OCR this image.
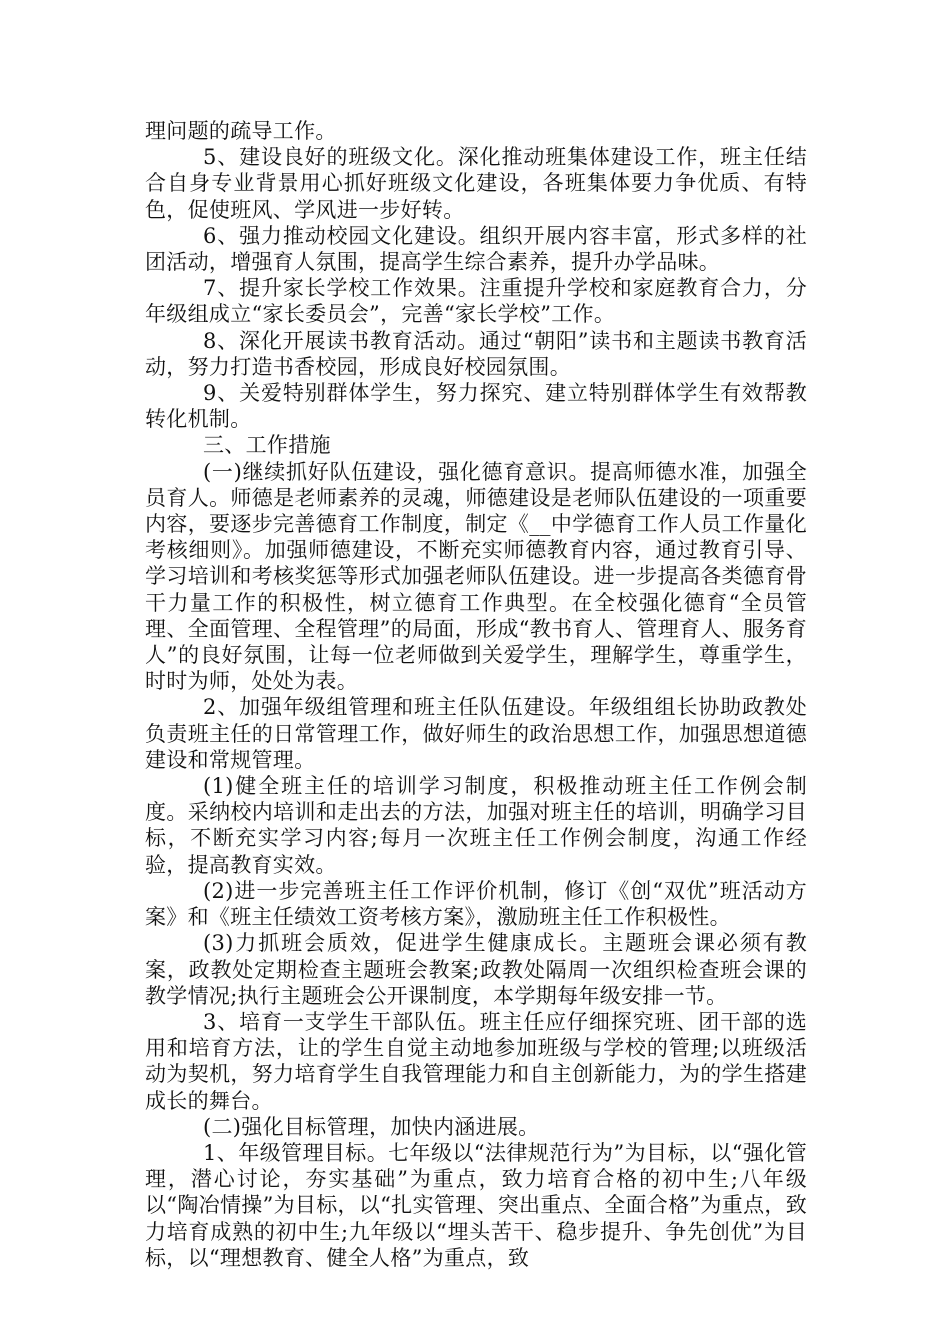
理问题的疏导工作。

5、建设良好的班级文化。深化推动班集体建设工作，班主任结合自身专业背景用心抓好班级文化建设，各班集体要力争优质、有特色，促使班风、学风进一步好转。

6、强力推动校园文化建设。组织开展内容丰富，形式多样的社团活动，增强育人氛围，提高学生综合素养，提升办学品味。

7、提升家长学校工作效果。注重提升学校和家庭教育合力，分年级组成立“家长委员会”，完善“家长学校”工作。

8、深化开展读书教育活动。通过“朝阳”读书和主题读书教育活动，努力打造书香校园，形成良好校园氛围。

9、关爱特别群体学生，努力探究、建立特别群体学生有效帮教转化机制。

三、工作措施

(一)继续抓好队伍建设，强化德育意识。提高师德水准，加强全员育人。师德是老师素养的灵魂，师德建设是老师队伍建设的一项重要内容，要逐步完善德育工作制度，制定《__中学德育工作人员工作量化考核细则》。加强师德建设，不断充实师德教育内容，通过教育引导、学习培训和考核奖惩等形式加强老师队伍建设。进一步提高各类德育骨干力量工作的积极性，树立德育工作典型。在全校强化德育“全员管理、全面管理、全程管理”的局面，形成“教书育人、管理育人、服务育人”的良好氛围，让每一位老师做到关爱学生，理解学生，尊重学生，时时为师，处处为表。

2、加强年级组管理和班主任队伍建设。年级组组长协助政教处负责班主任的日常管理工作，做好师生的政治思想工作，加强思想道德建设和常规管理。

(1)健全班主任的培训学习制度，积极推动班主任工作例会制度。采纳校内培训和走出去的方法，加强对班主任的培训，明确学习目标，不断充实学习内容;每月一次班主任工作例会制度，沟通工作经验，提高教育实效。

(2)进一步完善班主任工作评价机制，修订《创“双优”班活动方案》和《班主任绩效工资考核方案》，激励班主任工作积极性。

(3)力抓班会质效，促进学生健康成长。主题班会课必须有教案，政教处定期检查主题班会教案;政教处隔周一次组织检查班会课的教学情况;执行主题班会公开课制度，本学期每年级安排一节。

3、培育一支学生干部队伍。班主任应仔细探究班、团干部的选用和培育方法，让的学生自觉主动地参加班级与学校的管理;以班级活动为契机，努力培育学生自我管理能力和自主创新能力，为的学生搭建成长的舞台。

(二)强化目标管理，加快内涵进展。

1、年级管理目标。七年级以“法律规范行为”为目标，以“强化管理，潜心讨论，夯实基础”为重点，致力培育合格的初中生;八年级以“陶冶情操”为目标，以“扎实管理、突出重点、全面合格”为重点，致力培育成熟的初中生;九年级以“埋头苦干、稳步提升、争先创优”为目标，以“理想教育、健全人格”为重点，致
